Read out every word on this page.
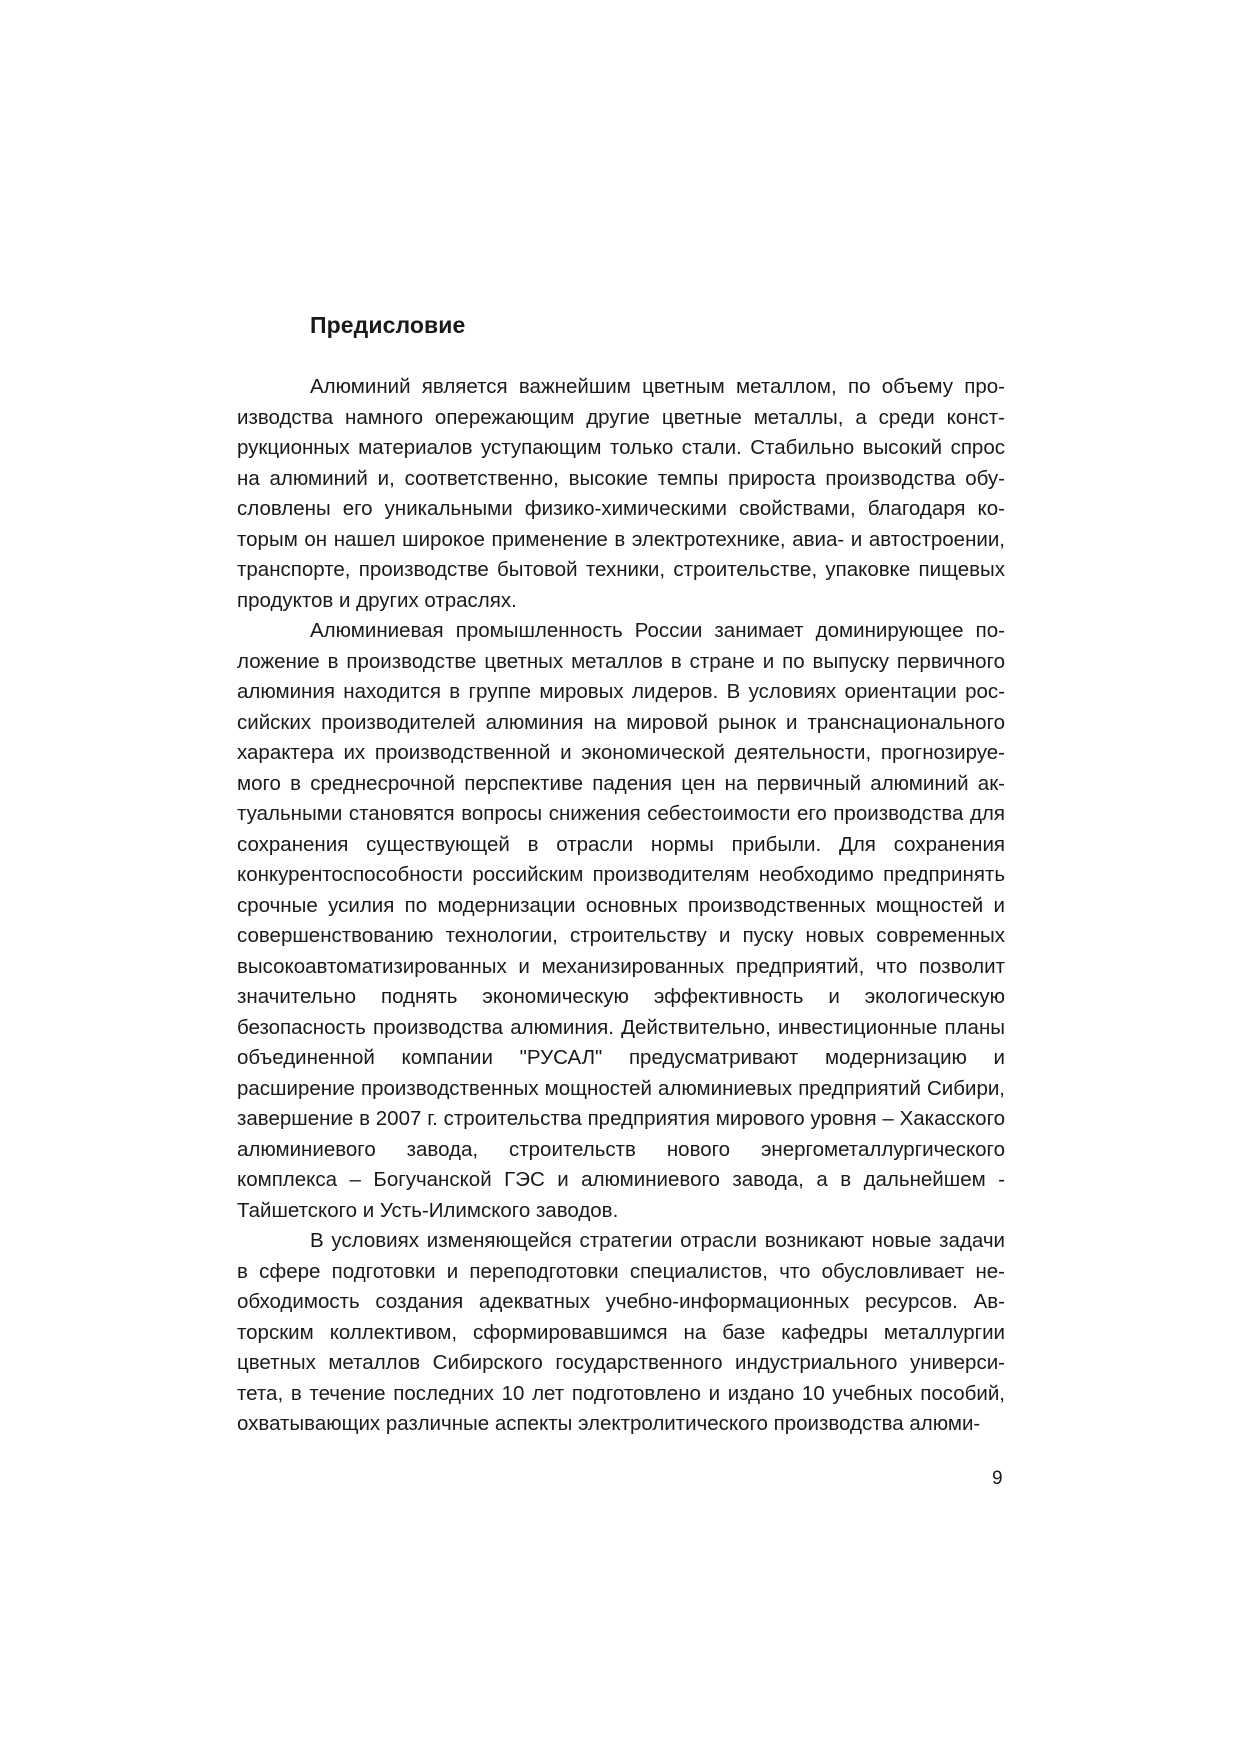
Предисловие

Алюминий является важнейшим цветным металлом, по объему производства намного опережающим другие цветные металлы, а среди конструкционных материалов уступающим только стали. Стабильно высокий спрос на алюминий и, соответственно, высокие темпы прироста производства обусловлены его уникальными физико-химическими свойствами, благодаря которым он нашел широкое применение в электротехнике, авиа- и автостроении, транспорте, производстве бытовой техники, строительстве, упаковке пищевых продуктов и других отраслях.

Алюминиевая промышленность России занимает доминирующее положение в производстве цветных металлов в стране и по выпуску первичного алюминия находится в группе мировых лидеров. В условиях ориентации российских производителей алюминия на мировой рынок и транснационального характера их производственной и экономической деятельности, прогнозируемого в среднесрочной перспективе падения цен на первичный алюминий актуальными становятся вопросы снижения себестоимости его производства для сохранения существующей в отрасли нормы прибыли. Для сохранения конкурентоспособности российским производителям необходимо предпринять срочные усилия по модернизации основных производственных мощностей и совершенствованию технологии, строительству и пуску новых современных высокоавтоматизированных и механизированных предприятий, что позволит значительно поднять экономическую эффективность и экологическую безопасность производства алюминия. Действительно, инвестиционные планы объединенной компании "РУСАЛ" предусматривают модернизацию и расширение производственных мощностей алюминиевых предприятий Сибири, завершение в 2007 г. строительства предприятия мирового уровня – Хакасского алюминиевого завода, строительств нового энергометаллургического комплекса – Богучанской ГЭС и алюминиевого завода, а в дальнейшем - Тайшетского и Усть-Илимского заводов.

В условиях изменяющейся стратегии отрасли возникают новые задачи в сфере подготовки и переподготовки специалистов, что обусловливает необходимость создания адекватных учебно-информационных ресурсов. Авторским коллективом, сформировавшимся на базе кафедры металлургии цветных металлов Сибирского государственного индустриального университета, в течение последних 10 лет подготовлено и издано 10 учебных пособий, охватывающих различные аспекты электролитического производства алюми-

9
